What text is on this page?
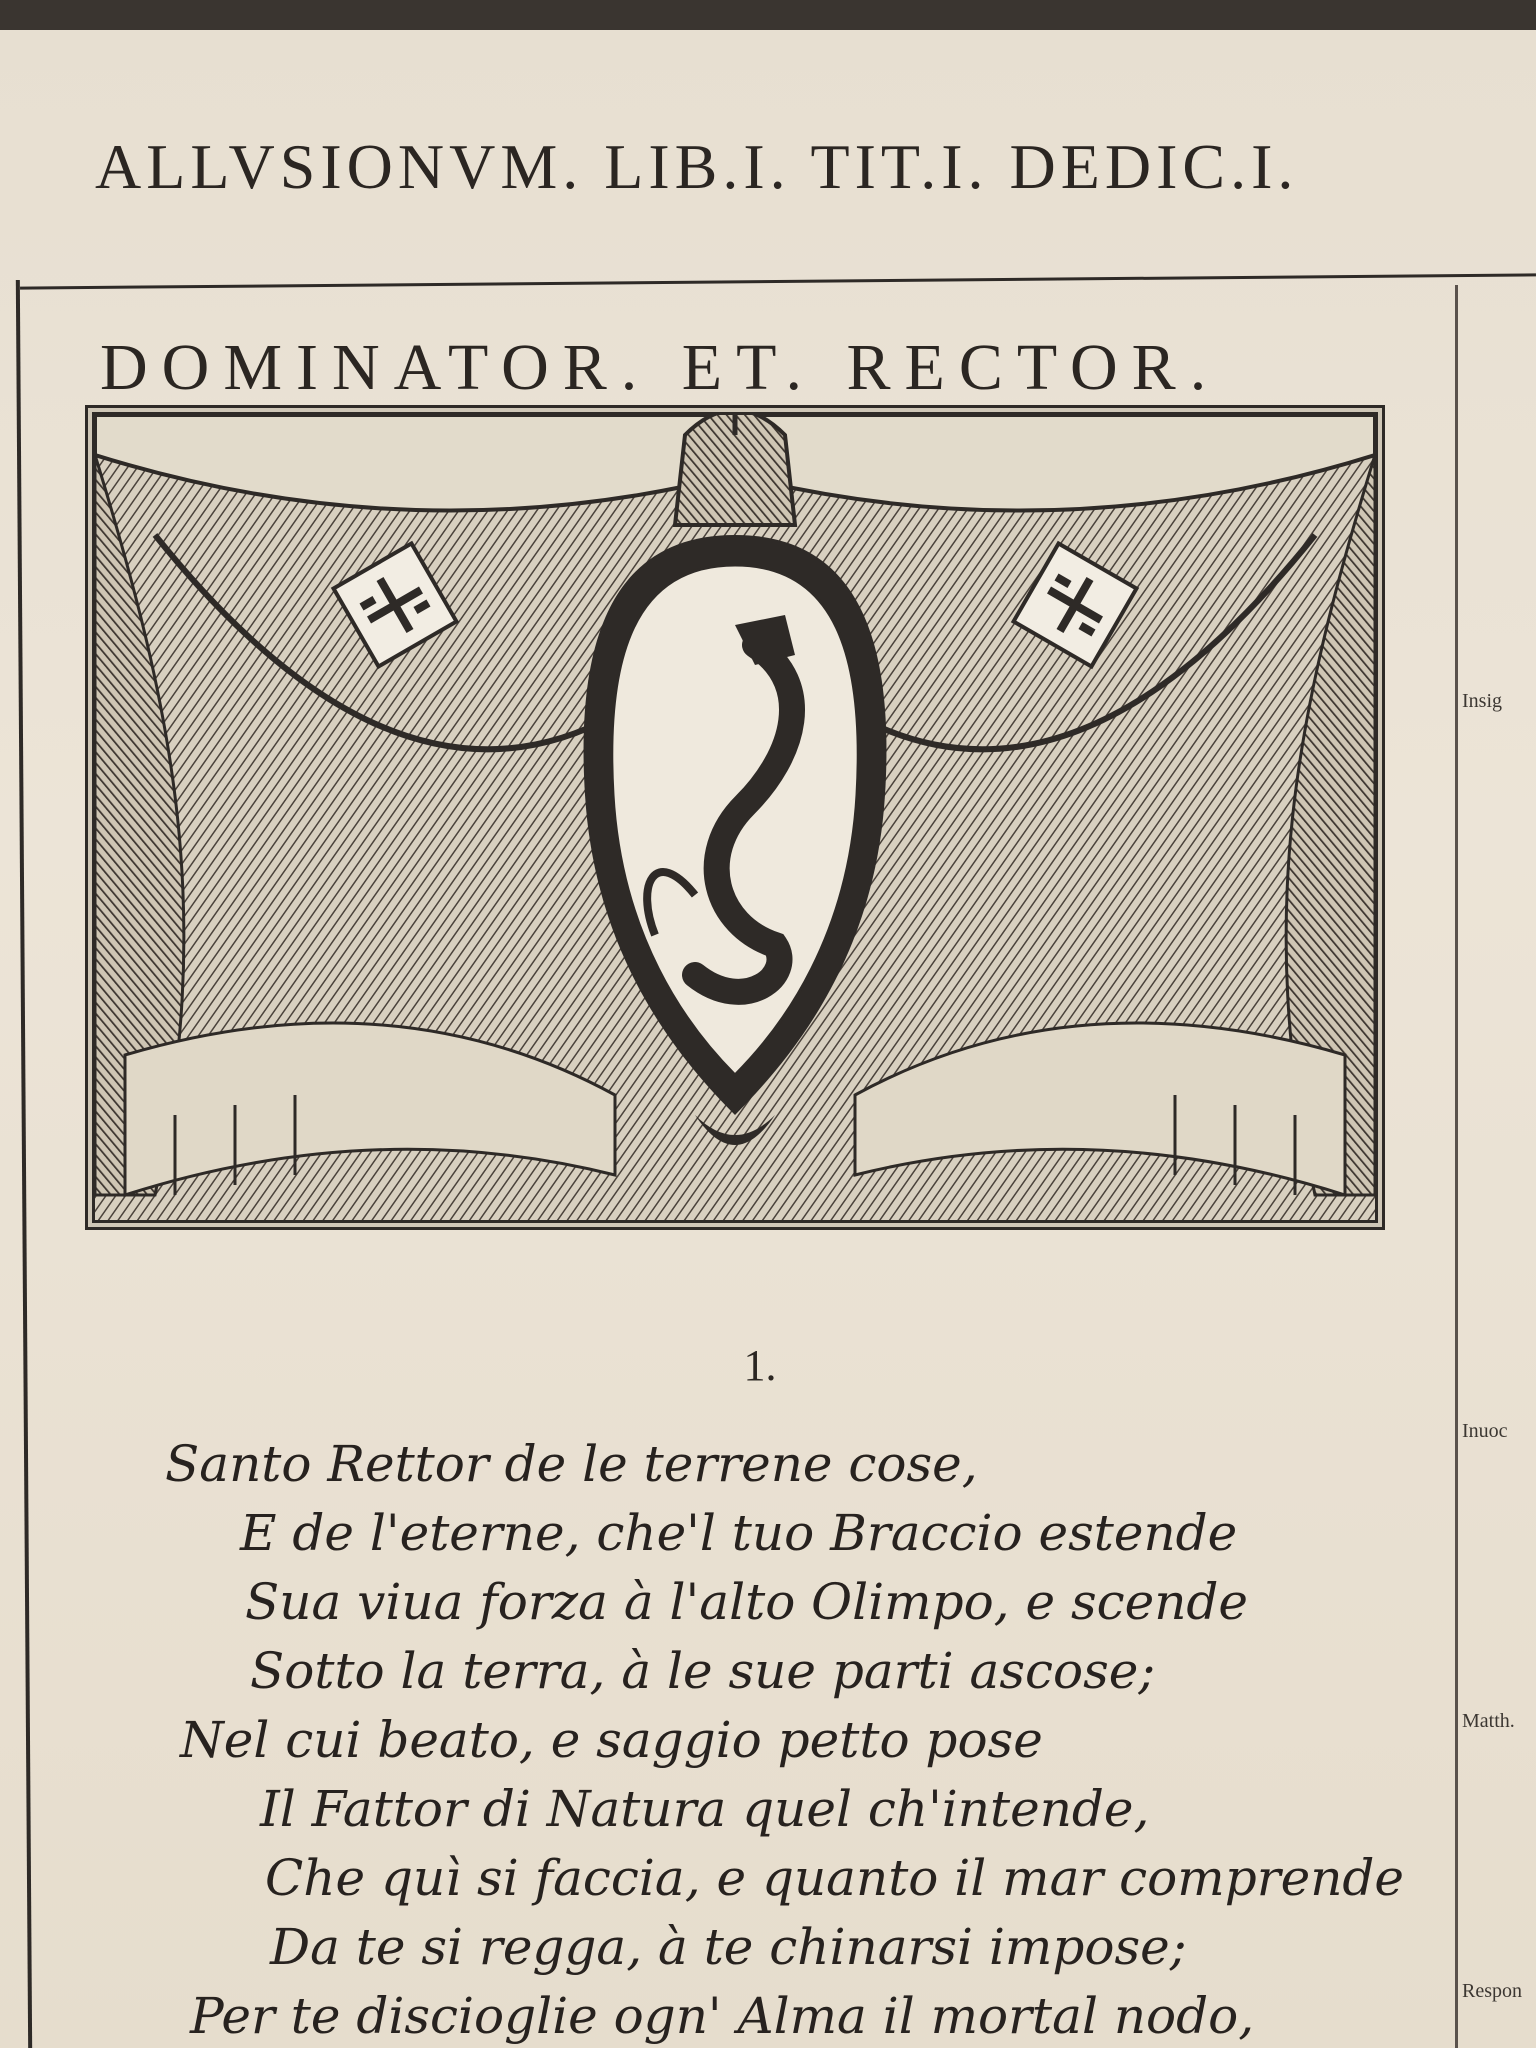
ALLVSIONVM. LIB.I. TIT.I. DEDIC.I.
DOMINATOR. ET. RECTOR.
1.
Santo Rettor de le terrene cose,
E de l'eterne, che'l tuo Braccio estende
Sua viua forza à l'alto Olimpo, e scende
Sotto la terra, à le sue parti ascose;
Nel cui beato, e saggio petto pose
Il Fattor di Natura quel ch'intende,
Che quì si faccia, e quanto il mar comprende
Da te si regga, à te chinarsi impose;
Per te discioglie ogn' Alma il mortal nodo,
Insig
Inuoc
Matth.
Respon
